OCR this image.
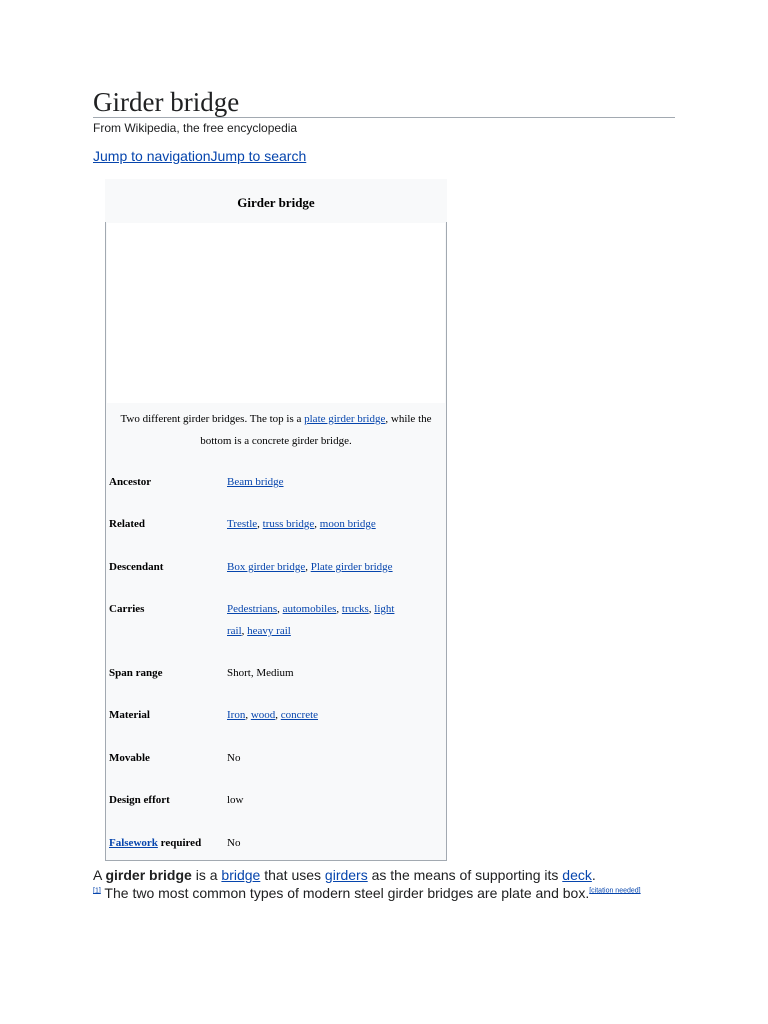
Girder bridge
From Wikipedia, the free encyclopedia
Jump to navigationJump to search
Girder bridge
Two different girder bridges. The top is a plate girder bridge, while the bottom is a concrete girder bridge.
Ancestor	Beam bridge
Related	Trestle, truss bridge, moon bridge
Descendant	Box girder bridge, Plate girder bridge
Carries	Pedestrians, automobiles, trucks, light rail, heavy rail
Span range	Short, Medium
Material	Iron, wood, concrete
Movable	No
Design effort	low
Falsework required	No
A girder bridge is a bridge that uses girders as the means of supporting its deck.
[1] The two most common types of modern steel girder bridges are plate and box.[citation needed]
